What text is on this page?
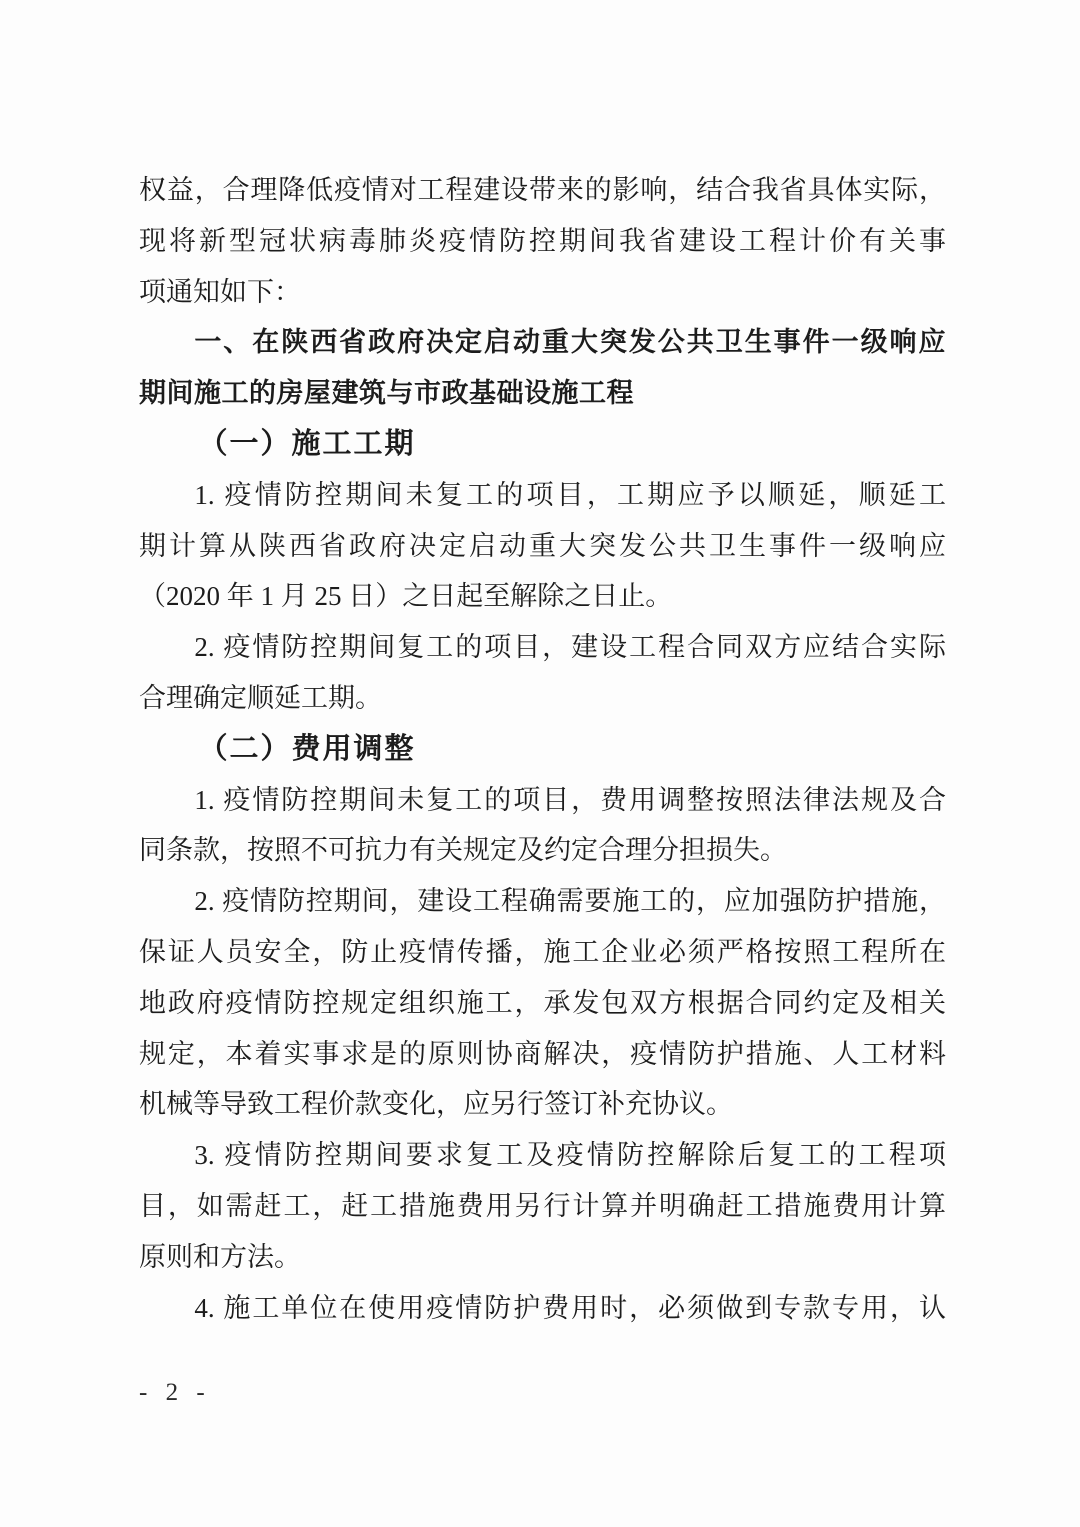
权益，合理降低疫情对工程建设带来的影响，结合我省具体实际，
现将新型冠状病毒肺炎疫情防控期间我省建设工程计价有关事
项通知如下：
一、在陕西省政府决定启动重大突发公共卫生事件一级响应
期间施工的房屋建筑与市政基础设施工程
（一）施工工期
1. 疫情防控期间未复工的项目，工期应予以顺延，顺延工
期计算从陕西省政府决定启动重大突发公共卫生事件一级响应
（2020 年 1 月 25 日）之日起至解除之日止。
2. 疫情防控期间复工的项目，建设工程合同双方应结合实际
合理确定顺延工期。
（二）费用调整
1. 疫情防控期间未复工的项目，费用调整按照法律法规及合
同条款，按照不可抗力有关规定及约定合理分担损失。
2. 疫情防控期间，建设工程确需要施工的，应加强防护措施，
保证人员安全，防止疫情传播，施工企业必须严格按照工程所在
地政府疫情防控规定组织施工，承发包双方根据合同约定及相关
规定，本着实事求是的原则协商解决，疫情防护措施、人工材料
机械等导致工程价款变化，应另行签订补充协议。
3. 疫情防控期间要求复工及疫情防控解除后复工的工程项
目，如需赶工，赶工措施费用另行计算并明确赶工措施费用计算
原则和方法。
4. 施工单位在使用疫情防护费用时，必须做到专款专用，认
- 2 -
